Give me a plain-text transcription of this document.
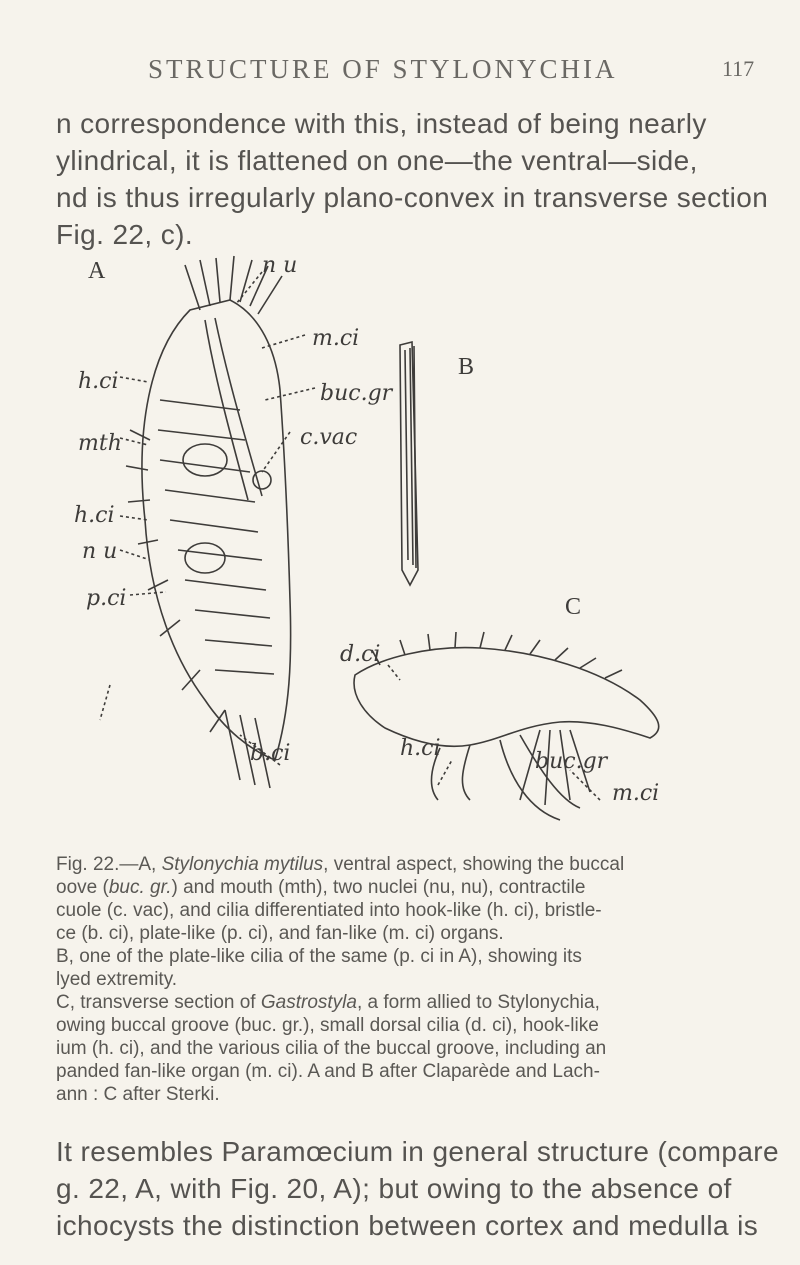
STRUCTURE OF STYLONYCHIA	117
n correspondence with this, instead of being nearly
ylindrical, it is flattened on one—the ventral—side,
nd is thus irregularly plano-convex in transverse section
Fig. 22, c).
A
B
C
n u
m.ci
buc.gr
c.vac
h.ci
mth
h.ci
n u
p.ci
b.ci
d.ci
h.ci
m.ci
buc.gr
Fig. 22.—A, Stylonychia mytilus, ventral aspect, showing the buccal
oove (buc. gr.) and mouth (mth), two nuclei (nu, nu), contractile
cuole (c. vac), and cilia differentiated into hook-like (h. ci), bristle-
ce (b. ci), plate-like (p. ci), and fan-like (m. ci) organs.
B, one of the plate-like cilia of the same (p. ci in A), showing its
lyed extremity.
C, transverse section of Gastrostyla, a form allied to Stylonychia,
owing buccal groove (buc. gr.), small dorsal cilia (d. ci), hook-like
ium (h. ci), and the various cilia of the buccal groove, including an
panded fan-like organ (m. ci). A and B after Claparède and Lach-
ann : C after Sterki.
It resembles Paramœcium in general structure (compare
g. 22, A, with Fig. 20, A); but owing to the absence of
ichocysts the distinction between cortex and medulla is
